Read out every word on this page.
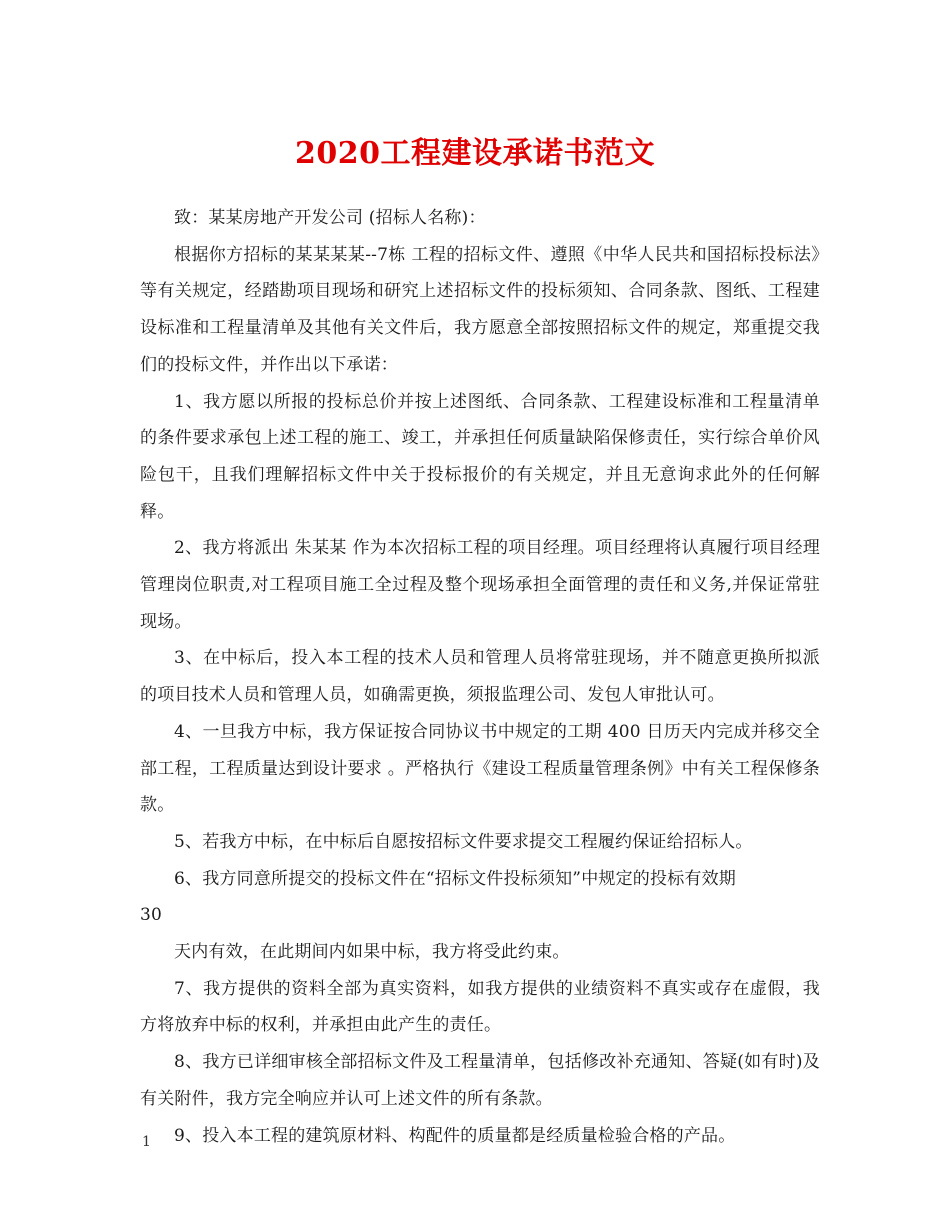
2020工程建设承诺书范文

致：某某房地产开发公司 (招标人名称)：

根据你方招标的某某某某--7栋 工程的招标文件、遵照《中华人民共和国招标投标法》等有关规定，经踏勘项目现场和研究上述招标文件的投标须知、合同条款、图纸、工程建设标准和工程量清单及其他有关文件后，我方愿意全部按照招标文件的规定，郑重提交我们的投标文件，并作出以下承诺：

1、我方愿以所报的投标总价并按上述图纸、合同条款、工程建设标准和工程量清单的条件要求承包上述工程的施工、竣工，并承担任何质量缺陷保修责任，实行综合单价风险包干，且我们理解招标文件中关于投标报价的有关规定，并且无意询求此外的任何解释。

2、我方将派出 朱某某 作为本次招标工程的项目经理。项目经理将认真履行项目经理管理岗位职责,对工程项目施工全过程及整个现场承担全面管理的责任和义务,并保证常驻现场。

3、在中标后，投入本工程的技术人员和管理人员将常驻现场，并不随意更换所拟派的项目技术人员和管理人员，如确需更换，须报监理公司、发包人审批认可。

4、一旦我方中标，我方保证按合同协议书中规定的工期 400 日历天内完成并移交全部工程，工程质量达到设计要求 。严格执行《建设工程质量管理条例》中有关工程保修条款。

5、若我方中标，在中标后自愿按招标文件要求提交工程履约保证给招标人。

6、我方同意所提交的投标文件在“招标文件投标须知”中规定的投标有效期

30

天内有效，在此期间内如果中标，我方将受此约束。

7、我方提供的资料全部为真实资料，如我方提供的业绩资料不真实或存在虚假，我方将放弃中标的权利，并承担由此产生的责任。

8、我方已详细审核全部招标文件及工程量清单，包括修改补充通知、答疑(如有时)及有关附件，我方完全响应并认可上述文件的所有条款。

9、投入本工程的建筑原材料、构配件的质量都是经质量检验合格的产品。

1
